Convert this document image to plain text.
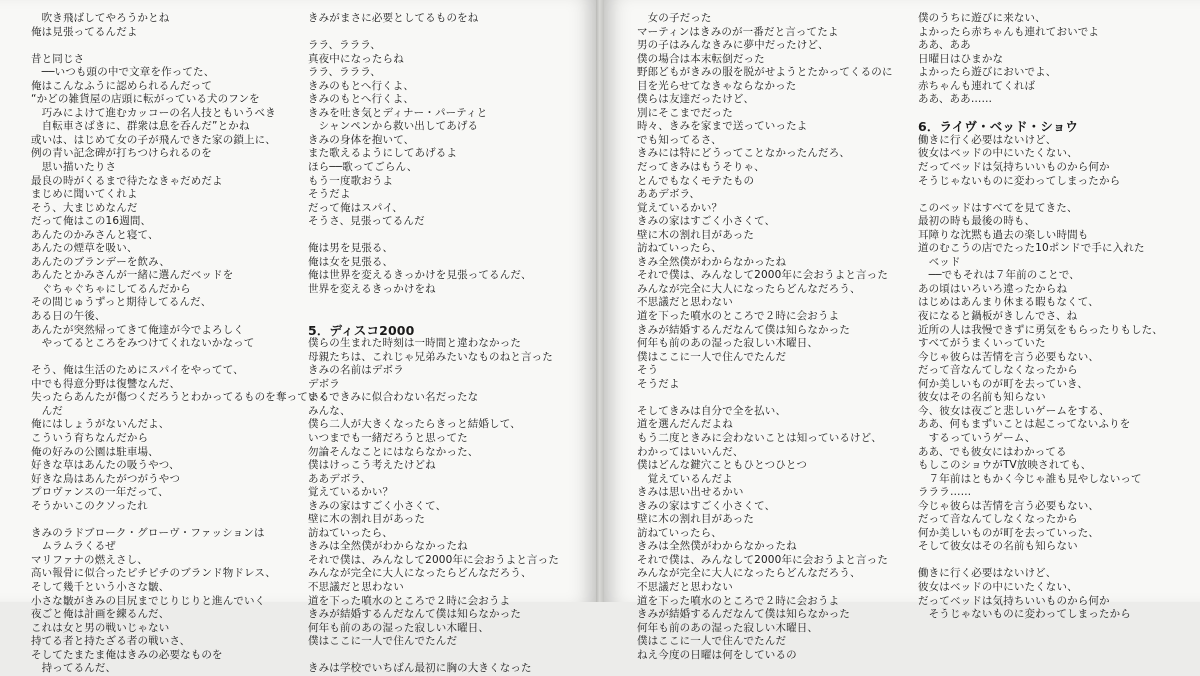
　吹き飛ばしてやろうかとね
俺は見張ってるんだよ
昔と同じさ
　──いつも頭の中で文章を作ってた、
俺はこんなふうに認められるんだって
“かどの雑貨屋の店頭に転がっている犬のフンを
　巧みによけて進むカッコーの名人技ともいうべき
　自転車さばきに、群衆は息を呑んだ”とかね
或いは、はじめて女の子が飛んできた家の鎖上に、
例の青い記念碑が打ちつけられるのを
　思い描いたりさ
最良の時がくるまで待たなきゃだめだよ
まじめに聞いてくれよ
そう、大まじめなんだ
だって俺はこの16週間、
あんたのかみさんと寝て、
あんたの煙草を吸い、
あんたのブランデーを飲み、
あんたとかみさんが一緒に選んだベッドを
　ぐちゃぐちゃにしてるんだから
その間じゅうずっと期待してるんだ、
ある日の午後、
あんたが突然帰ってきて俺達が今でよろしく
　やってるところをみつけてくれないかなって
そう、俺は生活のためにスパイをやってて、
中でも得意分野は復讐なんだ、
失ったらあんたが傷つくだろうとわかってるものを奪っていく
　んだ
俺にはしょうがないんだよ、
こういう育ちなんだから
俺の好みの公園は駐車場、
好きな草はあんたの吸うやつ、
好きな鳥はあんたがつがうやつ
プロヴァンスの一年だって、
そうかいこのクソったれ
きみのラドブローク・グローヴ・ファッションは
　ムラムラくるぜ
マリファナの燃えさし、
高い報骨に似合ったピチピチのブランド物ドレス、
そして幾千という小さな皺、
小さな皺がきみの目尻までじりじりと進んでいく
夜ごと俺は計画を練るんだ、
これは女と男の戦いじゃない
持てる者と持たざる者の戦いさ、
そしてたまたま俺はきみの必要なものを
　持ってるんだ、
きみがまさに必要としてるものをね
ララ、ラララ、
真夜中になったらね
ララ、ラララ、
きみのもとへ行くよ、
きみのもとへ行くよ、
きみを吐き気とディナー・パーティと
　シャンペンから救い出してあげる
きみの身体を抱いて、
また歌えるようにしてあげるよ
ほら──歌ってごらん、
もう一度歌おうよ
そうだよ
だって俺はスパイ、
そうさ、見張ってるんだ
俺は男を見張る、
俺は女を見張る、
俺は世界を変えるきっかけを見張ってるんだ、
世界を変えるきっかけをね
5．ディスコ2000
僕らの生まれた時刻は一時間と違わなかった
母親たちは、これじゃ兄弟みたいなものねと言った
きみの名前はデボラ
デボラ
まるできみに似合わない名だったな
みんな、
僕ら二人が大きくなったらきっと結婚して、
いつまでも一緒だろうと思ってた
勿論そんなことにはならなかった、
僕はけっこう考えたけどね
ああデボラ、
覚えているかい？
きみの家はすごく小さくて、
壁に木の割れ目があった
訪ねていったら、
きみは全然僕がわからなかったね
それで僕は、みんなして2000年に会おうよと言った
みんなが完全に大人になったらどんなだろう、
不思議だと思わない
道を下った噴水のところで２時に会おうよ
きみが結婚するんだなんて僕は知らなかった
何年も前のあの湿った寂しい木曜日、
僕はここに一人で住んでたんだ
きみは学校でいちばん最初に胸の大きくなった
　女の子だった
マーティンはきみのが一番だと言ってたよ
男の子はみんなきみに夢中だったけど、
僕の場合は本末転倒だった
野郎どもがきみの服を脱がせようとたかってくるのに
目を光らせてなきゃならなかった
僕らは友達だったけど、
別にそこまでだった
時々、きみを家まで送っていったよ
でも知ってるさ、
きみには特にどうってことなかったんだろ、
だってきみはもうそりゃ、
とんでもなくモテたもの
ああデボラ、
覚えているかい？
きみの家はすごく小さくて、
壁に木の割れ目があった
訪ねていったら、
きみ全然僕がわからなかったね
それで僕は、みんなして2000年に会おうよと言った
みんなが完全に大人になったらどんなだろう、
不思議だと思わない
道を下った噴水のところで２時に会おうよ
きみが結婚するんだなんて僕は知らなかった
何年も前のあの湿った寂しい木曜日、
僕はここに一人で住んでたんだ
そう
そうだよ
そしてきみは自分で全を払い、
道を選んだんだよね
もう二度ときみに会わないことは知っているけど、
わかってはいいんだ、
僕はどんな鍵穴こともひとつひとつ
　覚えているんだよ
きみは思い出せるかい
きみの家はすごく小さくて、
壁に木の割れ目があった
訪ねていったら、
きみは全然僕がわからなかったね
それで僕は、みんなして2000年に会おうよと言った
みんなが完全に大人になったらどんなだろう、
不思議だと思わない
道を下った噴水のところで２時に会おうよ
きみが結婚するんだなんて僕は知らなかった
何年も前のあの湿った寂しい木曜日、
僕はここに一人で住んでたんだ
ねえ今度の日曜は何をしているの
僕のうちに遊びに来ない、
よかったら赤ちゃんも連れておいでよ
ああ、ああ
日曜日はひまかな
よかったら遊びにおいでよ、
赤ちゃんも連れてくれば
ああ、ああ……
6．ライヴ・ベッド・ショウ
働きに行く必要はないけど、
彼女はベッドの中にいたくない、
だってベッドは気持ちいいものから何か
そうじゃないものに変わってしまったから
このベッドはすべてを見てきた、
最初の時も最後の時も、
耳障りな沈黙も過去の楽しい時間も
道のむこうの店でたった10ポンドで手に入れた
　ベッド
　──でもそれは７年前のことで、
あの頃はいろいろ違ったからね
はじめはあんまり休まる暇もなくて、
夜になると鍋板がきしんでさ、ね
近所の人は我慢できずに勇気をもらったりもした、
すべてがうまくいっていた
今じゃ彼らは苦情を言う必要もない、
だって音なんてしなくなったから
何か美しいものが町を去っていき、
彼女はその名前も知らない
今、彼女は夜ごと悲しいゲームをする、
ああ、何もまずいことは起こってないふりを
　するっていうゲーム、
ああ、でも彼女にはわかってる
もしこのショウがTV放映されても、
　７年前はともかく今じゃ誰も見やしないって
ラララ……
今じゃ彼らは苦情を言う必要もない、
だって音なんてしなくなったから
何か美しいものが町を去っていった、
そして彼女はその名前も知らない
働きに行く必要はないけど、
彼女はベッドの中にいたくない、
だってベッドは気持ちいいものから何か
　そうじゃないものに変わってしまったから
